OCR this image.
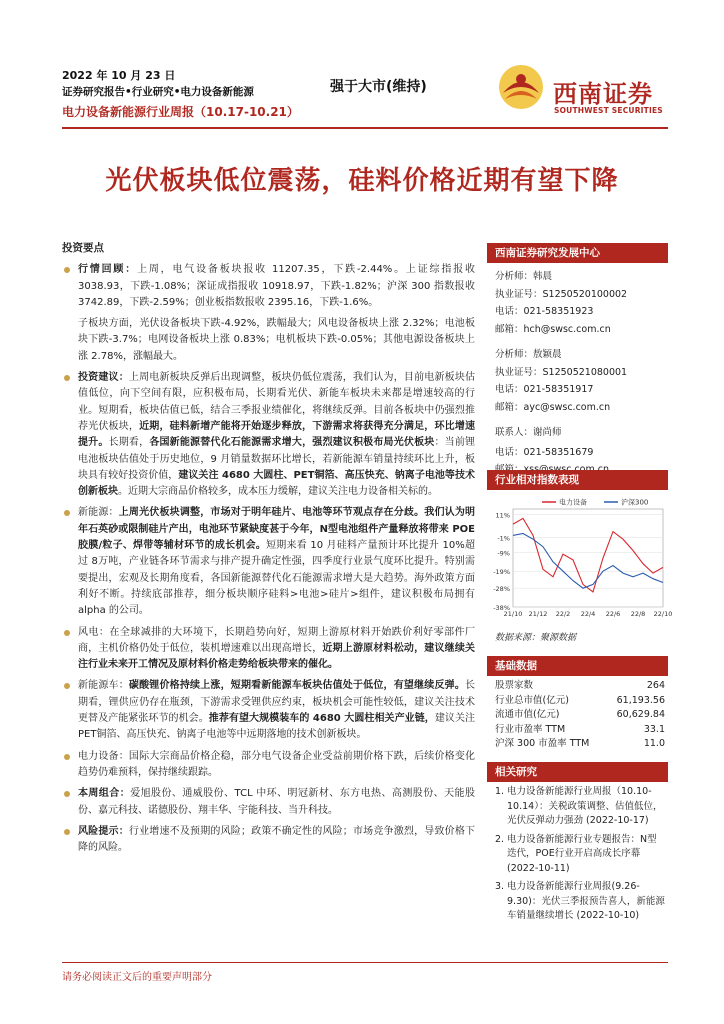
2022 年 10 月 23 日
证券研究报告•行业研究•电力设备新能源
电力设备新能源行业周报（10.17-10.21）
强于大市(维持)	西南证券
SOUTHWEST SECURITIES
光伏板块低位震荡，硅料价格近期有望下降
投资要点
行情回顾：上周，电气设备板块报收 11207.35，下跌-2.44%。上证综指报收 3038.93，下跌-1.08%；深证成指报收 10918.97，下跌-1.82%；沪深 300 指数报收 3742.89，下跌-2.59%；创业板指数报收 2395.16，下跌-1.6%。
子板块方面，光伏设备板块下跌-4.92%，跌幅最大；风电设备板块上涨 2.32%；电池板块下跌-3.7%；电网设备板块上涨 0.83%；电机板块下跌-0.05%；其他电源设备板块上涨 2.78%，涨幅最大。
投资建议：上周电新板块反弹后出现调整，板块仍低位震荡，我们认为，目前电新板块估值低位，向下空间有限，应积极布局，长期看光伏、新能车板块未来都是增速较高的行业。短期看，板块估值已低，结合三季报业绩催化，将继续反弹。目前各板块中仍强烈推荐光伏板块，近期，硅料新增产能将开始逐步释放，下游需求将获得充分满足，环比增速提升。长期看，各国新能源替代化石能源需求增大，强烈建议积极布局光伏板块：当前锂电池板块估值处于历史地位，9 月销量数据环比增长，若新能源车销量持续环比上升，板块具有较好投资价值，建议关注 4680 大圆柱、PET铜箔、高压快充、钠离子电池等技术创新板块。近期大宗商品价格较多，成本压力缓解，建议关注电力设备相关标的。
新能源：上周光伏板块调整，市场对于明年硅片、电池等环节观点存在分歧。我们认为明年石英砂或限制硅片产出，电池环节紧缺度甚于今年，N型电池组件产量释放将带来 POE胶膜/粒子、焊带等辅材环节的成长机会。短期来看 10 月硅料产量预计环比提升 10%超过 8万吨，产业链各环节需求与排产提升确定性强，四季度行业景气度环比提升。特别需要提出，宏观及长期角度看，各国新能源替代化石能源需求增大是大趋势。海外政策方面利好不断。持续底部推荐，细分板块顺序硅料>电池>硅片>组件，建议积极布局拥有 alpha 的公司。
风电：在全球减排的大环境下，长期趋势向好，短期上游原材料开始跌价利好零部件厂商，主机价格仍处于低位，装机增速难以出现高增长，近期上游原材料松动，建议继续关注行业未来开工情况及原材料价格走势给板块带来的催化。
新能源车：碳酸锂价格持续上涨，短期看新能源车板块估值处于低位，有望继续反弹。长期看，锂供应仍存在瓶颈，下游需求受锂供应约束，板块机会可能性较低，建议关注技术更替及产能紧张环节的机会。推荐有望大规模装车的 4680 大圆柱相关产业链，建议关注 PET铜箔、高压快充、钠离子电池等中远期落地的技术创新板块。
电力设备：国际大宗商品价格企稳，部分电气设备企业受益前期价格下跌，后续价格变化趋势仍难预料，保持继续跟踪。
本周组合：爱旭股份、通威股份、TCL 中环、明冠新材、东方电热、高测股份、天能股份、嘉元科技、诺德股份、翔丰华、宇能科技、当升科技。
风险提示：行业增速不及预期的风险；政策不确定性的风险；市场竞争激烈，导致价格下降的风险。
西南证券研究发展中心
分析师：韩晨
执业证号：S1250520100002
电话：021-58351923
邮箱：hch@swsc.com.cn
分析师：敖颖晨
执业证号：S1250521080001
电话：021-58351917
邮箱：ayc@swsc.com.cn
联系人：谢尚师
电话：021-58351679
行业相对指数表现
11%
-1%
-9%
-19%
-28%
-38%
21/10 21/12 22/2 22/4 22/6 22/8 22/10
电力设备	沪深300
数据来源：聚源数据
基础数据
股票家数	264
行业总市值(亿元)	61,193.56
流通市值(亿元)	60,629.84
行业市盈率 TTM	33.1
沪深 300 市盈率 TTM	11.0
相关研究
1. 电力设备新能源行业周报（10.10-10.14）：关税政策调整、估值低位，光伏反弹动力强劲 (2022-10-17)
2. 电力设备新能源行业专题报告：N型迭代，POE行业开启高成长序幕 (2022-10-11)
3. 电力设备新能源行业周报(9.26-9.30)：光伏三季报预告喜人，新能源车销量继续增长 (2022-10-10)
请务必阅读正文后的重要声明部分
